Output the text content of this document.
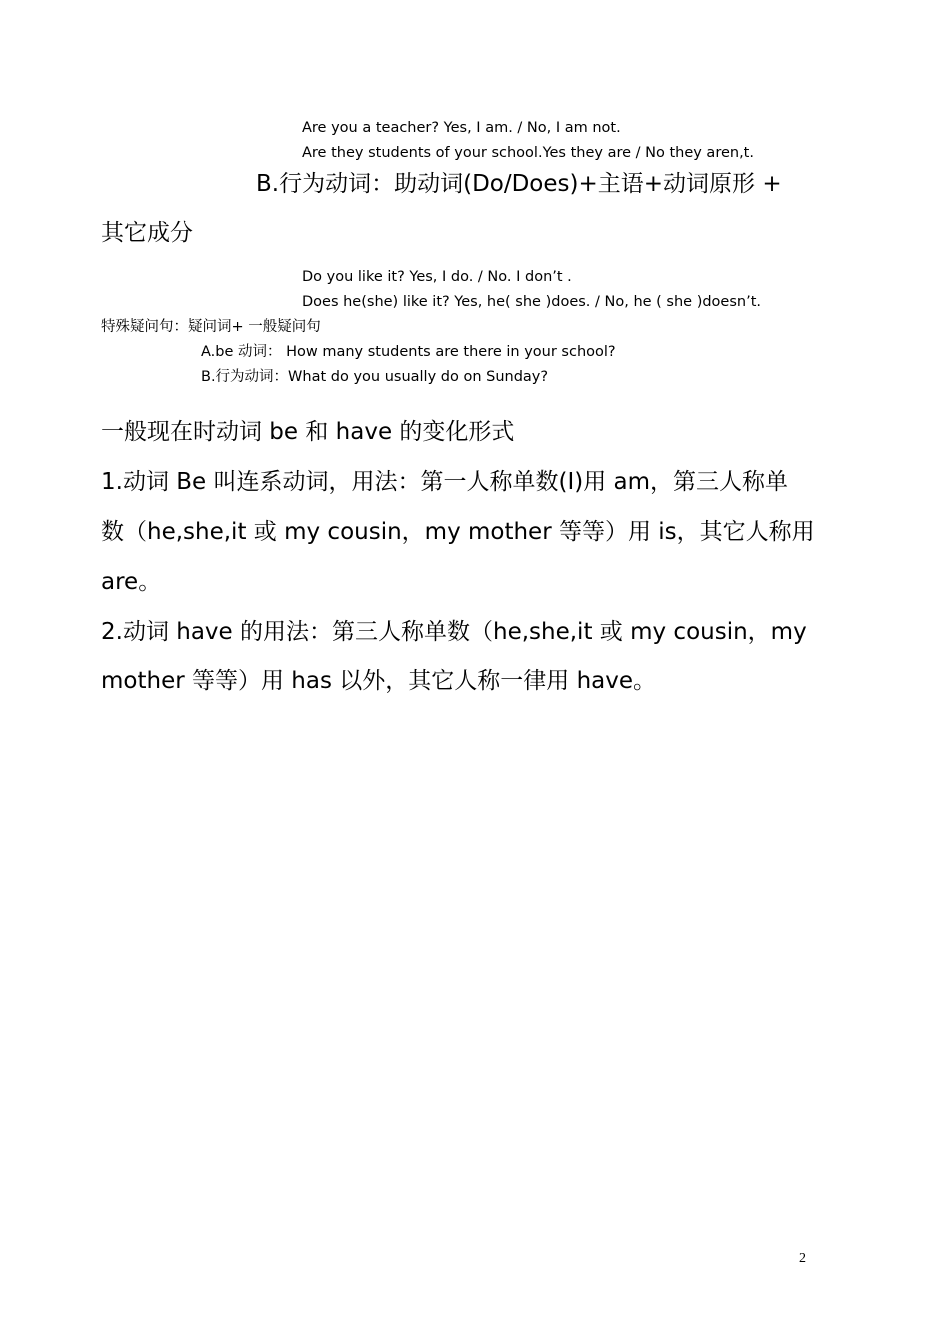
Are you a teacher? Yes, I am. / No, I am not.

Are they students of your school.Yes they are / No they aren,t.

B.行为动词：助动词(Do/Does)+主语+动词原形 +

其它成分

Do you like it? Yes, I do. / No. I don’t .

Does he(she) like it? Yes, he( she )does. / No, he ( she )doesn’t.

特殊疑问句：疑问词+ 一般疑问句

A.be 动词： How many students are there in your school?

B.行为动词：What do you usually do on Sunday?

一般现在时动词 be 和 have 的变化形式

1.动词 Be 叫连系动词，用法：第一人称单数(I)用 am，第三人称单

数（he,she,it 或 my cousin，my mother 等等）用 is，其它人称用

are。

2.动词 have 的用法：第三人称单数（he,she,it 或 my cousin，my

mother 等等）用 has 以外，其它人称一律用 have。

2
